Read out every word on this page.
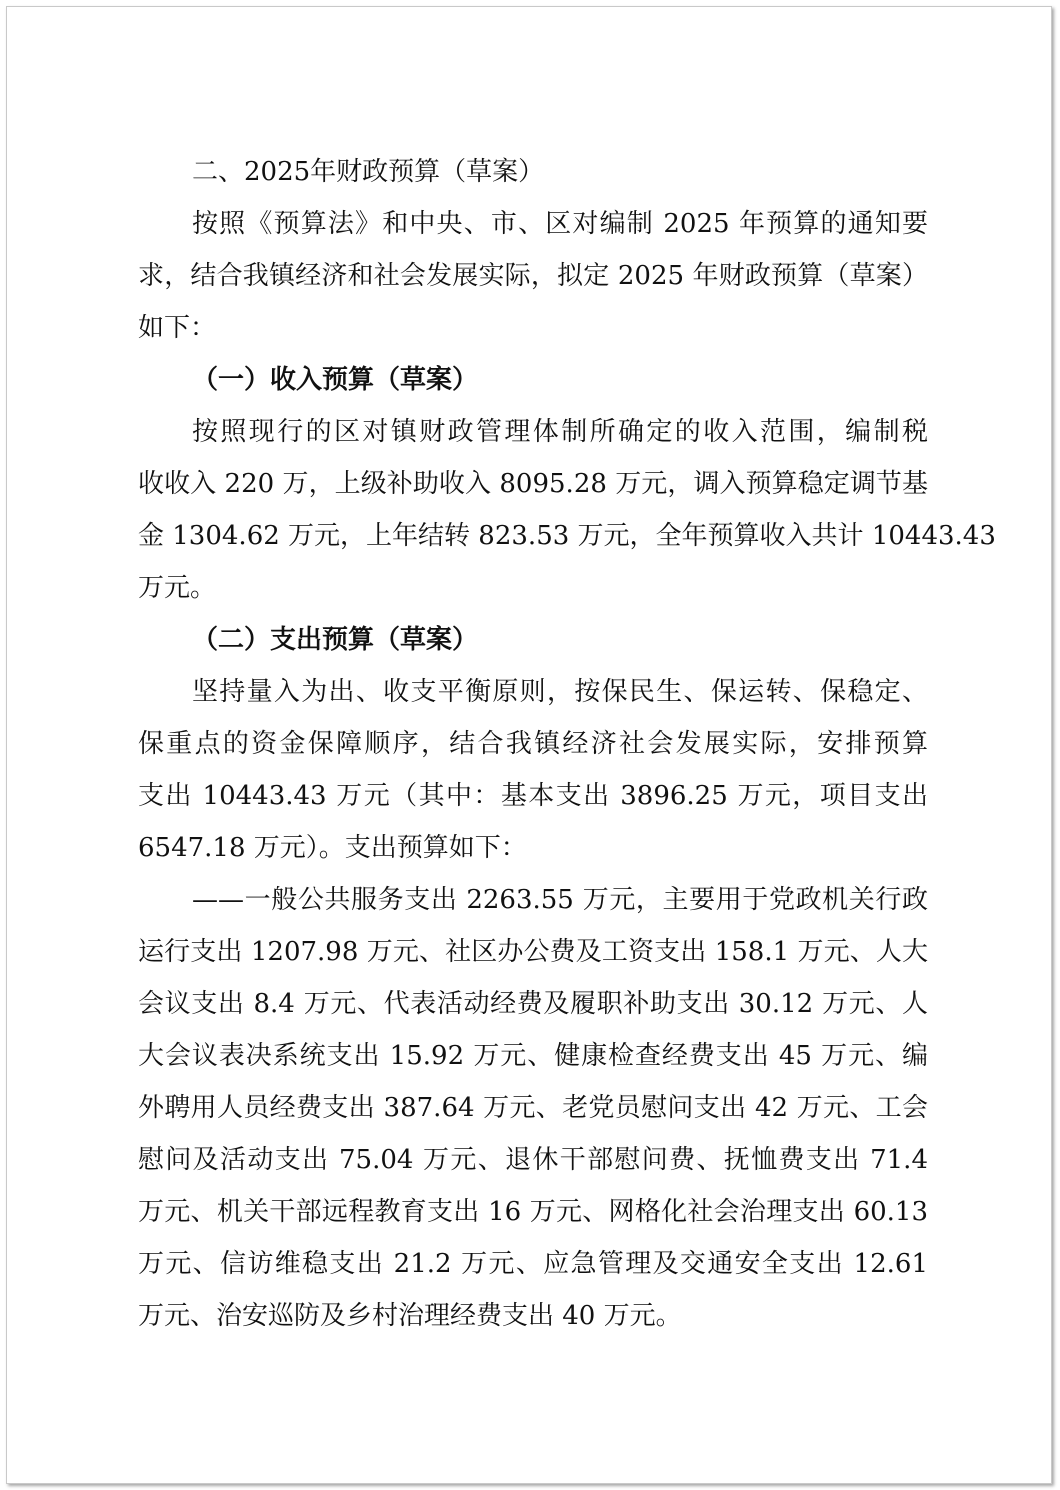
二、2025年财政预算（草案）
按照《预算法》和中央、市、区对编制 2025 年预算的通知要
求，结合我镇经济和社会发展实际，拟定 2025 年财政预算（草案）
如下：
（一）收入预算（草案）
按照现行的区对镇财政管理体制所确定的收入范围，编制税
收收入 220 万，上级补助收入 8095.28 万元，调入预算稳定调节基
金 1304.62 万元，上年结转 823.53 万元，全年预算收入共计 10443.43
万元。
（二）支出预算（草案）
坚持量入为出、收支平衡原则，按保民生、保运转、保稳定、
保重点的资金保障顺序，结合我镇经济社会发展实际，安排预算
支出 10443.43 万元（其中：基本支出 3896.25 万元，项目支出
6547.18 万元）。支出预算如下：
——一般公共服务支出 2263.55 万元，主要用于党政机关行政
运行支出 1207.98 万元、社区办公费及工资支出 158.1 万元、人大
会议支出 8.4 万元、代表活动经费及履职补助支出 30.12 万元、人
大会议表决系统支出 15.92 万元、健康检查经费支出 45 万元、编
外聘用人员经费支出 387.64 万元、老党员慰问支出 42 万元、工会
慰问及活动支出 75.04 万元、退休干部慰问费、抚恤费支出 71.4
万元、机关干部远程教育支出 16 万元、网格化社会治理支出 60.13
万元、信访维稳支出 21.2 万元、应急管理及交通安全支出 12.61
万元、治安巡防及乡村治理经费支出 40 万元。
